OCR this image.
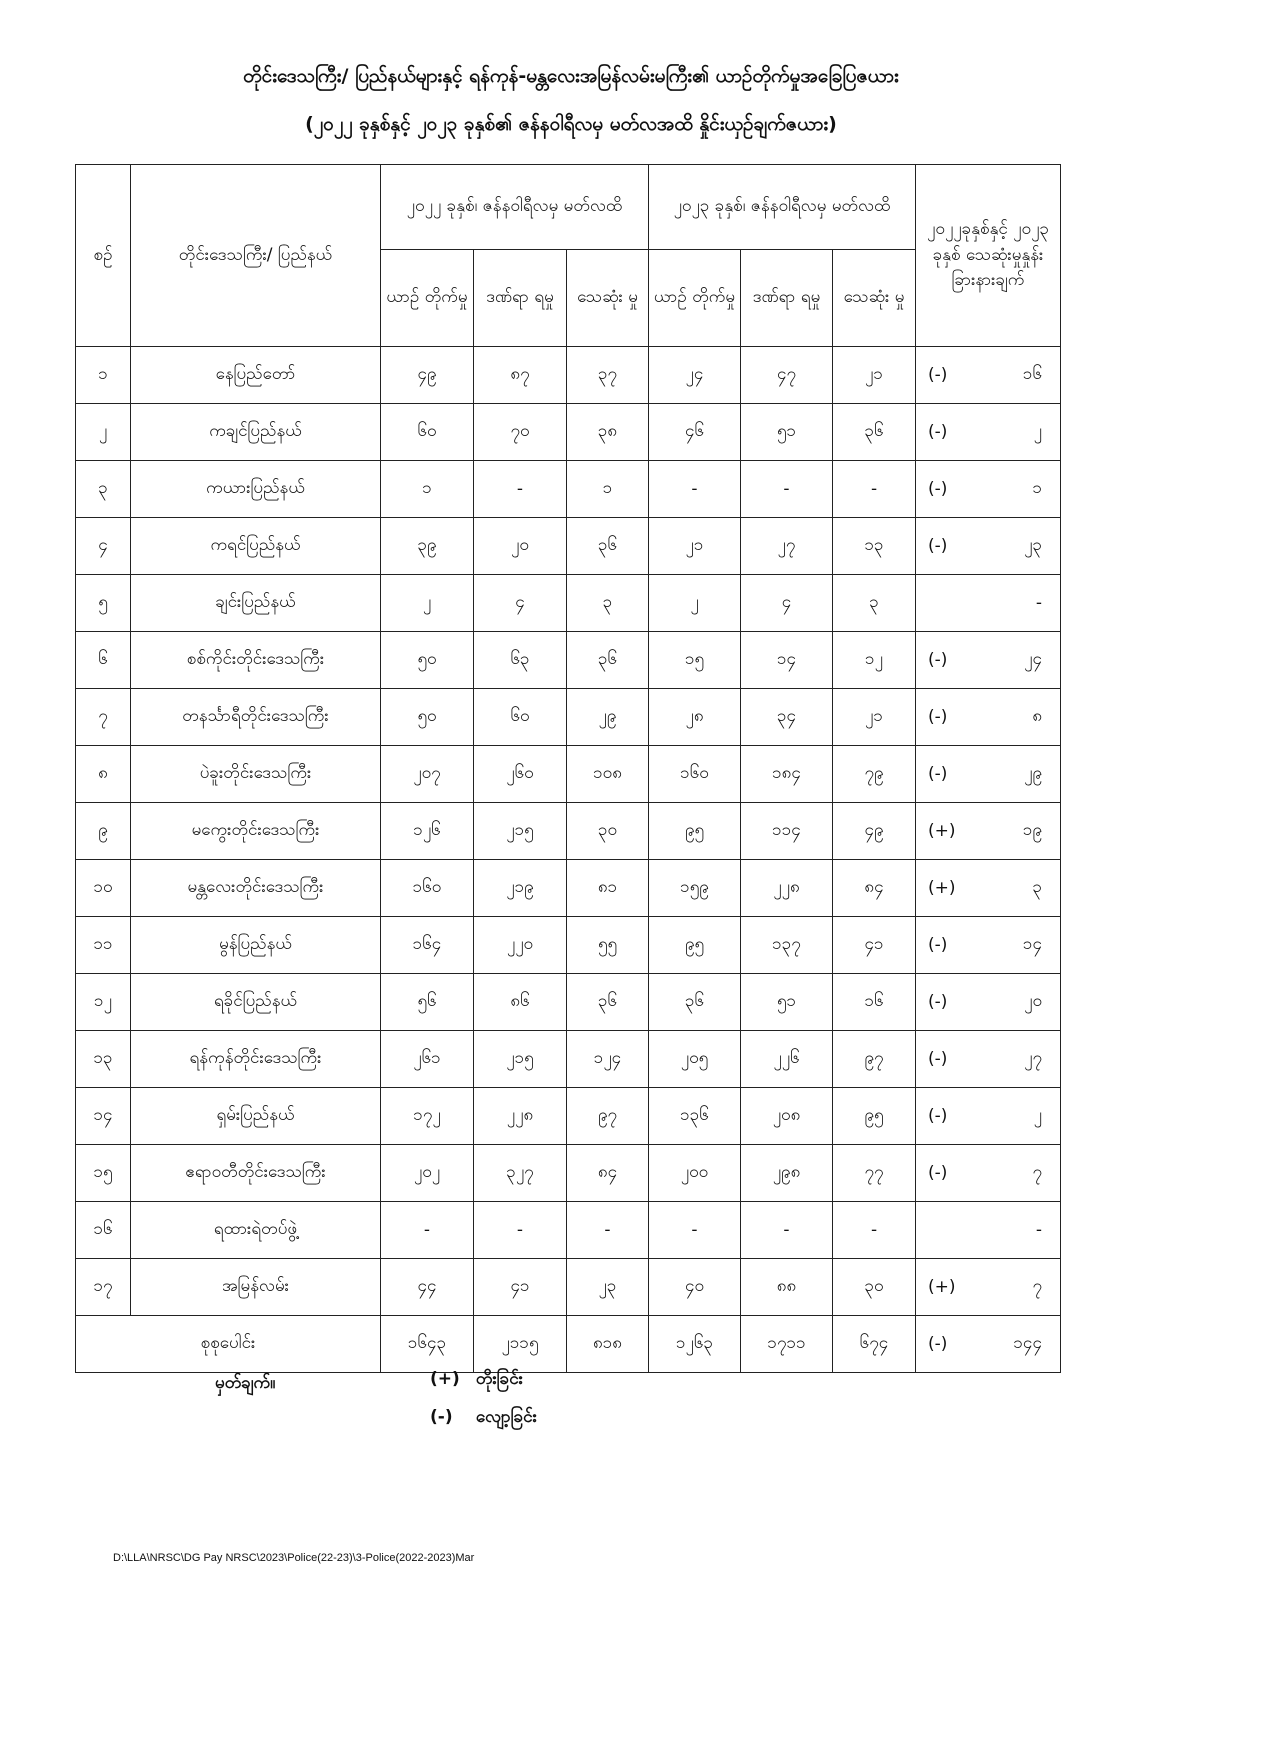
တိုင်းဒေသကြီး/ ပြည်နယ်များနှင့် ရန်ကုန်-မန္တလေးအမြန်လမ်းမကြီး၏ ယာဉ်တိုက်မှုအခြေပြဇယား
(၂၀၂၂ ခုနှစ်နှင့် ၂၀၂၃ ခုနှစ်၏ ဇန်နဝါရီလမှ မတ်လအထိ နှိုင်းယှဉ်ချက်ဇယား)
စဉ်	တိုင်းဒေသကြီး/ ပြည်နယ်	၂၀၂၂ ခုနှစ်၊ ဇန်နဝါရီလမှ မတ်လထိ			၂၀၂၃ ခုနှစ်၊ ဇန်နဝါရီလမှ မတ်လထိ			၂၀၂၂ခုနှစ်နှင့် ၂၀၂၃ ခုနှစ် သေဆုံးမှုနှုန်း ခြားနားချက်
		ယာဉ် တိုက်မှု	ဒဏ်ရာ ရမှု	သေဆုံး မှု	ယာဉ် တိုက်မှု	ဒဏ်ရာ ရမှု	သေဆုံး မှု	
၁	နေပြည်တော်	၄၉	၈၇	၃၇	၂၄	၄၇	၂၁	(-) ၁၆

၂	ကချင်ပြည်နယ်	၆၀	၇၀	၃၈	၄၆	၅၁	၃၆	(-) ၂

၃	ကယားပြည်နယ်	၁	-	၁	-	-	-	(-) ၁

၄	ကရင်ပြည်နယ်	၃၉	၂၀	၃၆	၂၁	၂၇	၁၃	(-) ၂၃

၅	ချင်းပြည်နယ်	၂	၄	၃	၂	၄	၃	-

၆	စစ်ကိုင်းတိုင်းဒေသကြီး	၅၀	၆၃	၃၆	၁၅	၁၄	၁၂	(-) ၂၄

၇	တနင်္သာရီတိုင်းဒေသကြီး	၅၀	၆၀	၂၉	၂၈	၃၄	၂၁	(-) ၈

၈	ပဲခူးတိုင်းဒေသကြီး	၂၀၇	၂၆၀	၁၀၈	၁၆၀	၁၈၄	၇၉	(-) ၂၉

၉	မကွေးတိုင်းဒေသကြီး	၁၂၆	၂၁၅	၃၀	၉၅	၁၁၄	၄၉	(+) ၁၉

၁၀	မန္တလေးတိုင်းဒေသကြီး	၁၆၀	၂၁၉	၈၁	၁၅၉	၂၂၈	၈၄	(+) ၃

၁၁	မွန်ပြည်နယ်	၁၆၄	၂၂၀	၅၅	၉၅	၁၃၇	၄၁	(-) ၁၄

၁၂	ရခိုင်ပြည်နယ်	၅၆	၈၆	၃၆	၃၆	၅၁	၁၆	(-) ၂၀

၁၃	ရန်ကုန်တိုင်းဒေသကြီး	၂၆၁	၂၁၅	၁၂၄	၂၀၅	၂၂၆	၉၇	(-) ၂၇

၁၄	ရှမ်းပြည်နယ်	၁၇၂	၂၂၈	၉၇	၁၃၆	၂၀၈	၉၅	(-) ၂

၁၅	ဧရာဝတီတိုင်းဒေသကြီး	၂၀၂	၃၂၇	၈၄	၂၀၀	၂၉၈	၇၇	(-) ၇

၁၆	ရထားရဲတပ်ဖွဲ့	-	-	-	-	-	-	-

၁၇	အမြန်လမ်း	၄၄	၄၁	၂၃	၄၀	၈၈	၃၀	(+) ၇

စုစုပေါင်း		၁၆၄၃	၂၁၁၅	၈၁၈	၁၂၆၃	၁၇၁၁	၆၇၄	(-) ၁၄၄
မှတ်ချက်။	(+) တိုးခြင်း
(-) လျော့ခြင်း
D:\LLA\NRSC\DG Pay NRSC\2023\Police(22-23)\3-Police(2022-2023)Mar
